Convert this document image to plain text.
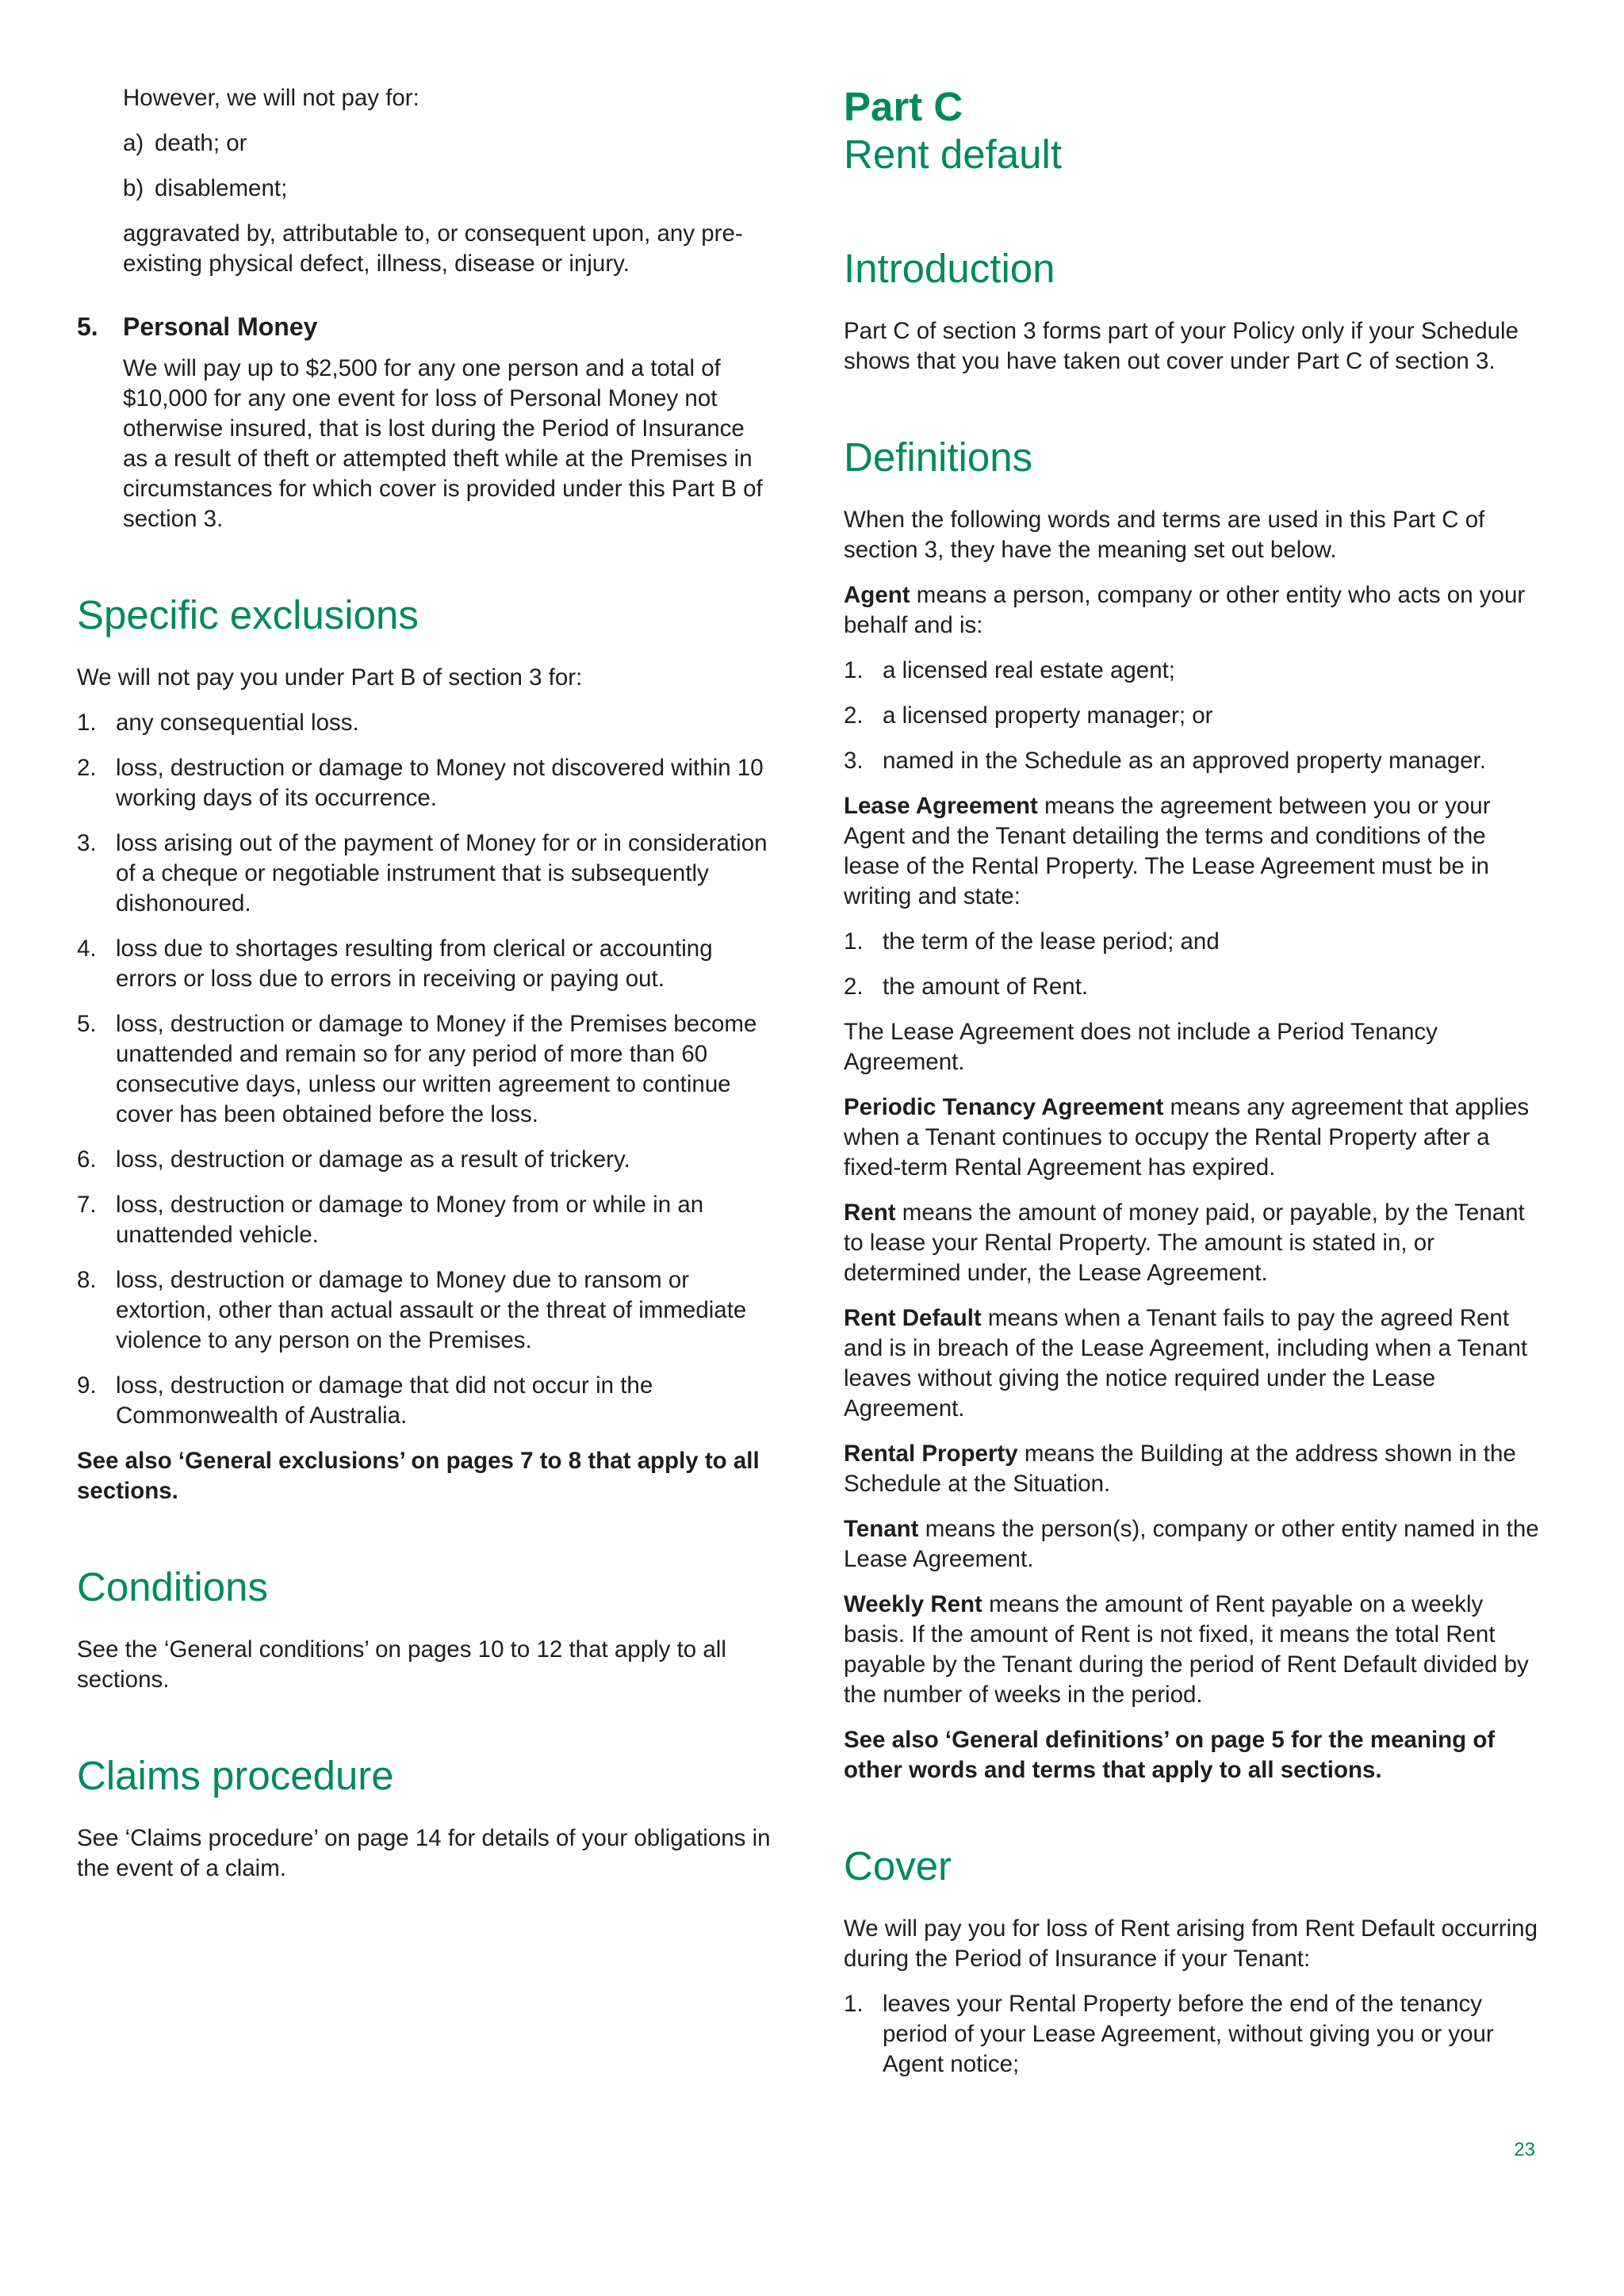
However, we will not pay for:

a) death; or
b) disablement;

aggravated by, attributable to, or consequent upon, any pre-existing physical defect, illness, disease or injury.

5. Personal Money

We will pay up to $2,500 for any one person and a total of $10,000 for any one event for loss of Personal Money not otherwise insured, that is lost during the Period of Insurance as a result of theft or attempted theft while at the Premises in circumstances for which cover is provided under this Part B of section 3.

Specific exclusions

We will not pay you under Part B of section 3 for:

1. any consequential loss.
2. loss, destruction or damage to Money not discovered within 10 working days of its occurrence.
3. loss arising out of the payment of Money for or in consideration of a cheque or negotiable instrument that is subsequently dishonoured.
4. loss due to shortages resulting from clerical or accounting errors or loss due to errors in receiving or paying out.
5. loss, destruction or damage to Money if the Premises become unattended and remain so for any period of more than 60 consecutive days, unless our written agreement to continue cover has been obtained before the loss.
6. loss, destruction or damage as a result of trickery.
7. loss, destruction or damage to Money from or while in an unattended vehicle.
8. loss, destruction or damage to Money due to ransom or extortion, other than actual assault or the threat of immediate violence to any person on the Premises.
9. loss, destruction or damage that did not occur in the Commonwealth of Australia.

See also ‘General exclusions’ on pages 7 to 8 that apply to all sections.

Conditions

See the ‘General conditions’ on pages 10 to 12 that apply to all sections.

Claims procedure

See ‘Claims procedure’ on page 14 for details of your obligations in the event of a claim.

Part C
Rent default
Introduction

Part C of section 3 forms part of your Policy only if your Schedule shows that you have taken out cover under Part C of section 3.

Definitions

When the following words and terms are used in this Part C of section 3, they have the meaning set out below.

Agent means a person, company or other entity who acts on your behalf and is:

1. a licensed real estate agent;
2. a licensed property manager; or
3. named in the Schedule as an approved property manager.

Lease Agreement means the agreement between you or your Agent and the Tenant detailing the terms and conditions of the lease of the Rental Property. The Lease Agreement must be in writing and state:

1. the term of the lease period; and
2. the amount of Rent.

The Lease Agreement does not include a Period Tenancy Agreement.

Periodic Tenancy Agreement means any agreement that applies when a Tenant continues to occupy the Rental Property after a fixed-term Rental Agreement has expired.

Rent means the amount of money paid, or payable, by the Tenant to lease your Rental Property. The amount is stated in, or determined under, the Lease Agreement.

Rent Default means when a Tenant fails to pay the agreed Rent and is in breach of the Lease Agreement, including when a Tenant leaves without giving the notice required under the Lease Agreement.

Rental Property means the Building at the address shown in the Schedule at the Situation.

Tenant means the person(s), company or other entity named in the Lease Agreement.

Weekly Rent means the amount of Rent payable on a weekly basis. If the amount of Rent is not fixed, it means the total Rent payable by the Tenant during the period of Rent Default divided by the number of weeks in the period.

See also ‘General definitions’ on page 5 for the meaning of other words and terms that apply to all sections.

Cover

We will pay you for loss of Rent arising from Rent Default occurring during the Period of Insurance if your Tenant:

1. leaves your Rental Property before the end of the tenancy period of your Lease Agreement, without giving you or your Agent notice;
23
